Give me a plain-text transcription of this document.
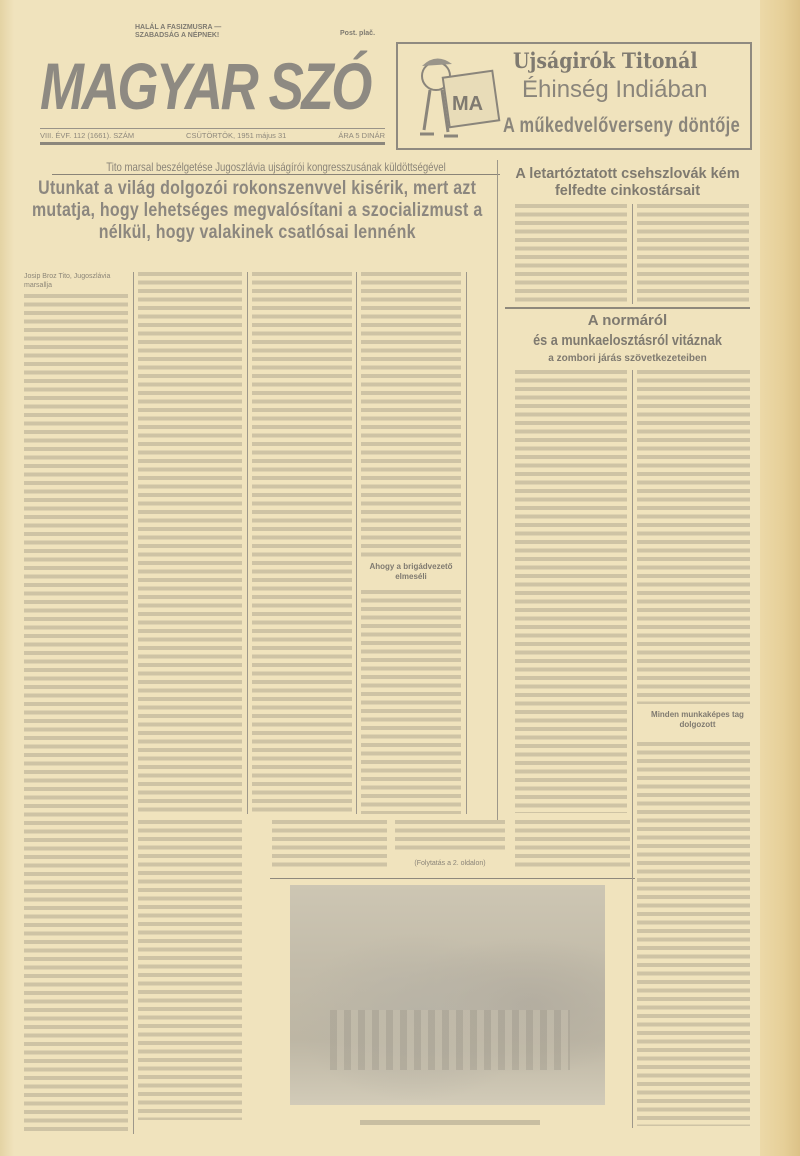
HALÁL A FASIZMUSRA — SZABADSÁG A NÉPNEK!	Post. plač.
MAGYAR SZÓ
VIII. ÉVF. 112 (1661). SZÁM	CSÜTÖRTÖK, 1951 május 31	ÁRA 5 DINÁR
MA
Ujságirók Titonál
Éhinség Indiában
A műkedvelőverseny döntője
Tito marsal beszélgetése Jugoszlávia ujságírói kongresszusának küldöttségével
Utunkat a világ dolgozói rokonszenvvel kisérik, mert azt mutatja, hogy lehetséges megvalósítani a szocializmust a nélkül, hogy valakinek csatlósai lennénk
Josip Broz Tito, Jugoszlávia marsallja
Ahogy a brigádvezető elmeséli
(Folytatás a 2. oldalon)
A letartóztatott csehszlovák kém felfedte cinkostársait
A normáról
és a munkaelosztásról vitáznak
a zombori járás szövetkezeteiben
Minden munkaképes tag dolgozott
